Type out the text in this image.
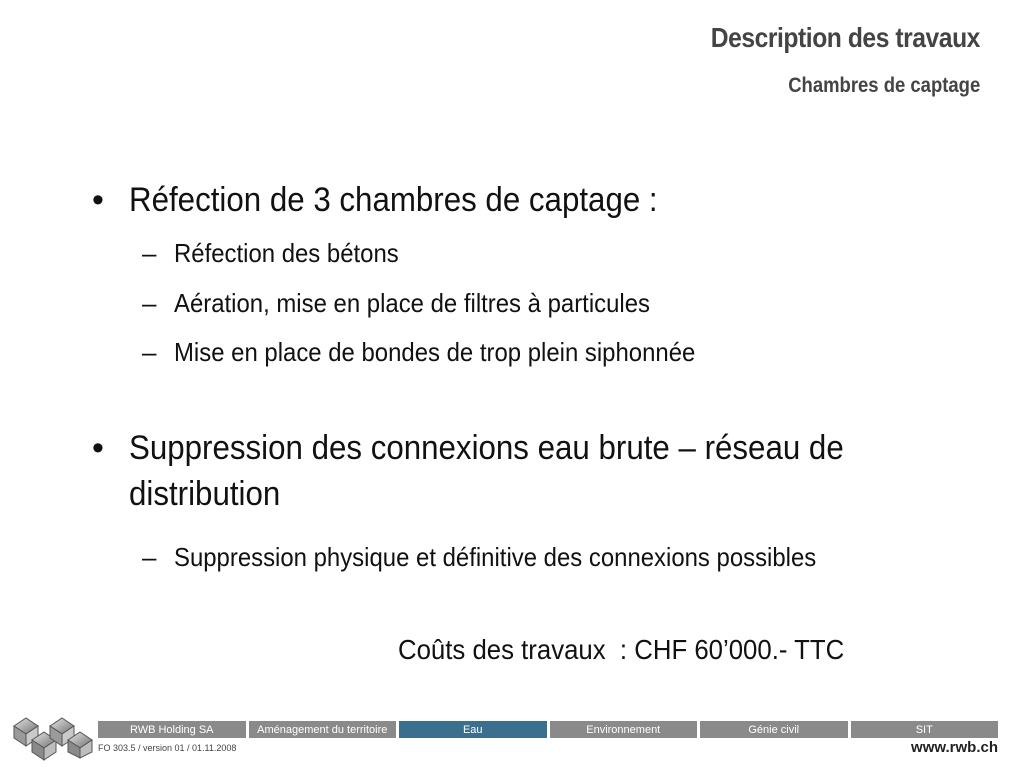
Description des travaux
Chambres de captage
• Réfection de 3 chambres de captage :
– Réfection des bétons
– Aération, mise en place de filtres à particules
– Mise en place de bondes de trop plein siphonnée
• Suppression des connexions eau brute – réseau de distribution
– Suppression physique et définitive des connexions possibles
Coûts des travaux  : CHF 60’000.- TTC
RWB Holding SA	Aménagement du territoire	Eau	Environnement	Génie civil	SIT
FO 303.5 / version 01 / 01.11.2008	www.rwb.ch
